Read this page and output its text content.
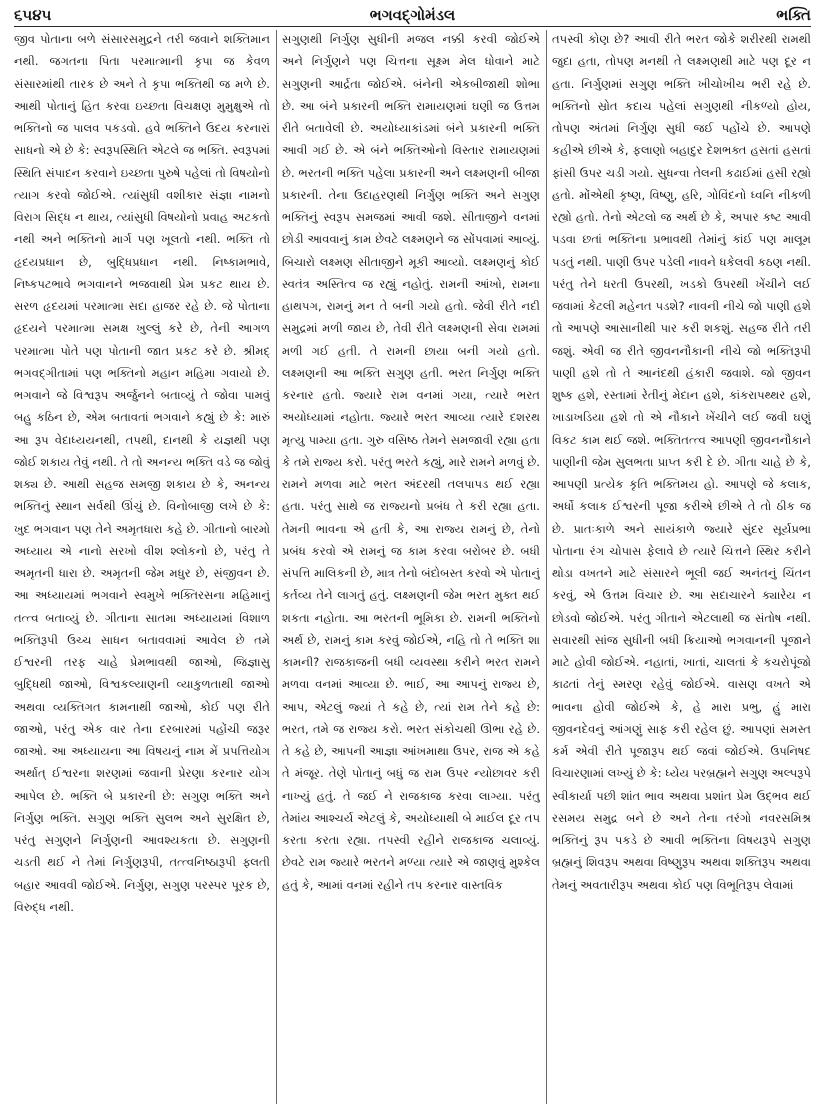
૬૫૪૫	ભગવદ્ગોમંડલ	ભક્તિ

જીવ પોતાના બળે સંસારસમુદ્રને તરી જવાને શક્તિમાન નથી. જગતના પિતા પરમાત્માની કૃપા જ કેવળ સંસારમાંથી તારક છે અને તે કૃપા ભક્તિથી જ મળે છે. આથી પોતાનું હિત કરવા ઇચ્છતા વિચક્ષણ મુમુક્ષુએ તો ભક્તિનો જ પાલવ પકડવો. હવે ભક્તિને ઉદય કરનારાં સાધનો એ છે કે: સ્વરૂપસ્થિતિ એટલે જ ભક્તિ. સ્વરૂપમાં સ્થિતિ સંપાદન કરવાને ઇચ્છતા પુરુષે પહેલાં તો વિષયોનો ત્યાગ કરવો જોઈએ. ત્યાંસુધી વશીકાર સંજ્ઞા નામનો વિરાગ સિદ્ધ ન થાય, ત્યાંસુધી વિષયોનો પ્રવાહ અટકતો નથી અને ભક્તિનો માર્ગ પણ ખૂલતો નથી. ભક્તિ તો હૃદયપ્રધાન છે, બુદ્ધિપ્રધાન નથી. નિષ્કામભાવે, નિષ્કપટભાવે ભગવાનને ભજવાથી પ્રેમ પ્રકટ થાય છે. સરળ હૃદયમાં પરમાત્મા સદા હાજર રહે છે. જે પોતાના હૃદયને પરમાત્મા સમક્ષ ખુલ્લું કરે છે, તેની આગળ પરમાત્મા પોતે પણ પોતાની જાત પ્રકટ કરે છે. શ્રીમદ્ ભગવદ્ગીતામાં પણ ભક્તિનો મહાન મહિમા ગવાયો છે. ભગવાને જે વિશ્વરૂપ અર્જુનને બતાવ્યું તે જોવા પામવું બહુ કઠિન છે, એમ બતાવતાં ભગવાને કહ્યું છે કે: મારું આ રૂપ વેદાધ્યયનથી, તપથી, દાનથી કે યજ્ઞથી પણ જોઈ શકાય તેવું નથી. તે તો અનન્ય ભક્તિ વડે જ જોવું શક્ય છે. આથી સહજ સમજી શકાય છે કે, અનન્ય ભક્તિનું સ્થાન સર્વથી ઊંચું છે. વિનોબાજી લખે છે કે: ખુદ ભગવાન પણ તેને અમૃતધારા કહે છે. ગીતાનો બારમો અધ્યાય એ નાનો સરખો વીશ શ્લોકનો છે, પરંતુ તે અમૃતની ધારા છે. અમૃતની જેમ મધુર છે, સંજીવન છે. આ અધ્યાયમાં ભગવાને સ્વમુખે ભક્તિરસના મહિમાનું તત્ત્વ બતાવ્યું છે. ગીતાના સાતમા અધ્યાયમાં વિશાળ ભક્તિરૂપી ઉચ્ચ સાધન બતાવવામાં આવેલ છે તમે ઈશ્વરની તરફ ચાહે પ્રેમભાવથી જાઓ, જિજ્ઞાસુ બુદ્ધિથી જાઓ, વિશ્વકલ્યાણની વ્યાકુળતાથી જાઓ અથવા વ્યક્તિગત કામનાથી જાઓ, કોઈ પણ રીતે જાઓ, પરંતુ એક વાર તેના દરબારમાં પહોંચી જરૂર જાઓ. આ અધ્યાયના આ વિષયનું નામ મેં પ્રપત્તિયોગ અર્થાત્ ઈશ્વરના શરણમાં જવાની પ્રેરણા કરનાર યોગ આપેલ છે. ભક્તિ બે પ્રકારની છે: સગુણ ભક્તિ અને નિર્ગુણ ભક્તિ. સગુણ ભક્તિ સુલભ અને સુરક્ષિત છે, પરંતુ સગુણને નિર્ગુણની આવશ્યકતા છે. સગુણની ચડતી થઈ ને તેમાં નિર્ગુણરૂપી, તત્ત્વનિષ્ઠારૂપી ફ્લતી બહાર આવવી જોઈએ. નિર્ગુણ, સગુણ પરસ્પર પૂરક છે, વિરુદ્ધ નથી.

સગુણથી નિર્ગુણ સુધીની મજલ નક્કી કરવી જોઈએ અને નિર્ગુણને પણ ચિત્તના સૂક્ષ્મ મેલ ધોવાને માટે સગુણની આર્દ્રતા જોઈએ. બંનેની એકબીજાથી શોભા છે. આ બંને પ્રકારની ભક્તિ રામાયણમાં ઘણી જ ઉત્તમ રીતે બતાવેલી છે. અયોધ્યાકાંડમાં બંને પ્રકારની ભક્તિ આવી ગઈ છે. એ બંને ભક્તિઓનો વિસ્તાર રામાયણમાં છે. ભરતની ભક્તિ પહેલા પ્રકારની અને લક્ષ્મણની બીજા પ્રકારની. તેના ઉદાહરણથી નિર્ગુણ ભક્તિ અને સગુણ ભક્તિનું સ્વરૂપ સમજમાં આવી જશે. સીતાજીને વનમાં છોડી આવવાનું કામ છેવટે લક્ષ્મણને જ સોંપવામાં આવ્યું. બિચારો લક્ષ્મણ સીતાજીને મૂકી આવ્યો. લક્ષ્મણનું કોઈ સ્વતંત્ર અસ્તિત્વ જ રહ્યું નહોતું. રામની આંખો, રામના હાથપગ, રામનું મન તે બની ગયો હતો. જેવી રીતે નદી સમુદ્રમાં મળી જાય છે, તેવી રીતે લક્ષ્મણની સેવા રામમાં મળી ગઈ હતી. તે રામની છાયા બની ગયો હતો. લક્ષ્મણની આ ભક્તિ સગુણ હતી. ભરત નિર્ગુણ ભક્તિ કરનાર હતો. જ્યારે રામ વનમાં ગયા, ત્યારે ભરત અયોધ્યામાં નહોતા. જ્યારે ભરત આવ્યા ત્યારે દશરથ મૃત્યુ પામ્યા હતા. ગુરુ વસિષ્ઠ તેમને સમજાવી રહ્યા હતા કે તમે રાજ્ય કરો. પરંતુ ભરતે કહ્યું, મારે રામને મળવું છે. રામને મળવા માટે ભરત અંદરથી તલપાપડ થઈ રહ્યા હતા. પરંતુ સાથે જ રાજ્યનો પ્રબંધ તે કરી રહ્યા હતા. તેમની ભાવના એ હતી કે, આ રાજ્ય રામનું છે, તેનો પ્રબંધ કરવો એ રામનું જ કામ કરવા બરોબર છે. બધી સંપત્તિ માલિકની છે, માત્ર તેનો બંદોબસ્ત કરવો એ પોતાનું કર્તવ્ય તેને લાગતું હતું. લક્ષ્મણની જેમ ભરત મુક્ત થઈ શકતા નહોતા. આ ભરતની ભૂમિકા છે. રામની ભક્તિનો અર્થ છે, રામનું કામ કરવું જોઈએ, નહિ તો તે ભક્તિ શા કામની? રાજકાજની બધી વ્યવસ્થા કરીને ભરત રામને મળવા વનમાં આવ્યા છે. ભાઈ, આ આપનું રાજ્ય છે, આપ, એટલું જ્યાં તે કહે છે, ત્યાં રામ તેને કહે છે: ભરત, તમે જ રાજ્ય કરો. ભરત સંકોચથી ઊભા રહે છે. તે કહે છે, આપની આજ્ઞા આંખમાથા ઉપર, રાજ એ કહે તે મંજૂર. તેણે પોતાનું બધું જ રામ ઉપર ન્યોછાવર કરી નાખ્યું હતું. તે જઈ ને રાજકાજ કરવા લાગ્યા. પરંતુ તેમાંય આશ્ચર્ય એટલું કે, અયોધ્યાથી બે માઈલ દૂર તપ કરતા કરતા રહ્યા. તપસ્વી રહીને રાજકાજ ચલાવ્યું. છેવટે રામ જ્યારે ભરતને મળ્યા ત્યારે એ જાણવું મુશ્કેલ હતું કે, આમાં વનમાં રહીને તપ કરનાર વાસ્તવિક

તપસ્વી કોણ છે? આવી રીતે ભરત જોકે શરીરથી રામથી જુદા હતા, તોપણ મનથી તે લક્ષ્મણથી માટે પણ દૂર ન હતા. નિર્ગુણમાં સગુણ ભક્તિ ખીચોખીચ ભરી રહે છે. ભક્તિનો સ્રોત કદાચ પહેલાં સગુણથી નીકળ્યો હોય, તોપણ અંતમાં નિર્ગુણ સુધી જઈ પહોંચે છે. આપણે કહીએ છીએ કે, ફલાણો બહાદુર દેશભક્ત હસતાં હસતાં ફાંસી ઉપર ચડી ગયો. સુધન્વા તેલની કઢાઈમાં હસી રહ્યો હતો. મોંએથી કૃષ્ણ, વિષ્ણુ, હરિ, ગોવિંદનો ધ્વનિ નીકળી રહ્યો હતો. તેનો એટલો જ અર્થ છે કે, અપાર કષ્ટ આવી પડવા છતાં ભક્તિના પ્રભાવથી તેમાંનું કાંઈ પણ માલૂમ પડતું નથી. પાણી ઉપર પડેલી નાવને ધકેલવી કઠણ નથી. પરંતુ તેને ધરતી ઉપરથી, ખડકો ઉપરથી ખેંચીને લઈ જવામાં કેટલી મહેનત પડશે? નાવની નીચે જો પાણી હશે તો આપણે આસાનીથી પાર કરી શકશું. સહજ રીતે તરી જશું. એવી જ રીતે જીવનનૌકાની નીચે જો ભક્તિરૂપી પાણી હશે તો તે આનંદથી હંકારી જવાશે. જો જીવન શુષ્ક હશે, રસ્તામાં રેતીનું મેદાન હશે, કાંકરાપથ્થર હશે, ખાડાખડિયા હશે તો એ નૌકાને ખેંચીને લઈ જવી ઘણું વિકટ કામ થઈ જશે. ભક્તિતત્ત્વ આપણી જીવનનૌકાને પાણીની જેમ સુલભતા પ્રાપ્ત કરી દે છે. ગીતા ચાહે છે કે, આપણી પ્રત્યેક કૃતિ ભક્તિમય હો. આપણે જે કલાક, અર્ધો કલાક ઈશ્વરની પૂજા કરીએ છીએ તે તો ઠીક જ છે. પ્રાતઃકાળે અને સાયંકાળે જ્યારે સુંદર સૂર્યપ્રભા પોતાના રંગ ચોપાસ ફેલાવે છે ત્યારે ચિત્તને સ્થિર કરીને થોડા વખતને માટે સંસારને ભૂલી જઈ અનંતનું ચિંતન કરવું, એ ઉત્તમ વિચાર છે. આ સદાચારને ક્યારેય ન છોડવો જોઈએ. પરંતુ ગીતાને એટલાથી જ સંતોષ નથી. સવારથી સાંજ સુધીની બધી ક્રિયાઓ ભગવાનની પૂજાને માટે હોવી જોઈએ. નહાતાં, ખાતાં, ચાલતાં કે કચરોપૂંજો કાઢતાં તેનું સ્મરણ રહેવું જોઈએ. વાસણ વખતે એ ભાવના હોવી જોઈએ કે, હે મારા પ્રભુ, હું મારા જીવનદેવનું આંગણું સાફ કરી રહેલ છું. આપણાં સમસ્ત કર્મ એવી રીતે પૂજારૂપ થઈ જવાં જોઈએ. ઉપનિષદ વિચારણામાં લખ્યું છે કે: ધ્યેય પરબ્રહ્મને સગુણ અલ્પરૂપે સ્વીકાર્યા પછી શાંત ભાવ અથવા પ્રશાંત પ્રેમ ઉદ્ભવ થઈ રસમય સમુદ્ર બને છે અને તેના તરંગો નવરસમિશ્ર ભક્તિનું રૂપ પકડે છે આવી ભક્તિના વિષયરૂપે સગુણ બ્રહ્મનું શિવરૂપ અથવા વિષ્ણુરૂપ અથવા શક્તિરૂપ અથવા તેમનું અવતારીરૂપ અથવા કોઈ પણ વિભૂતિરૂપ લેવામાં
